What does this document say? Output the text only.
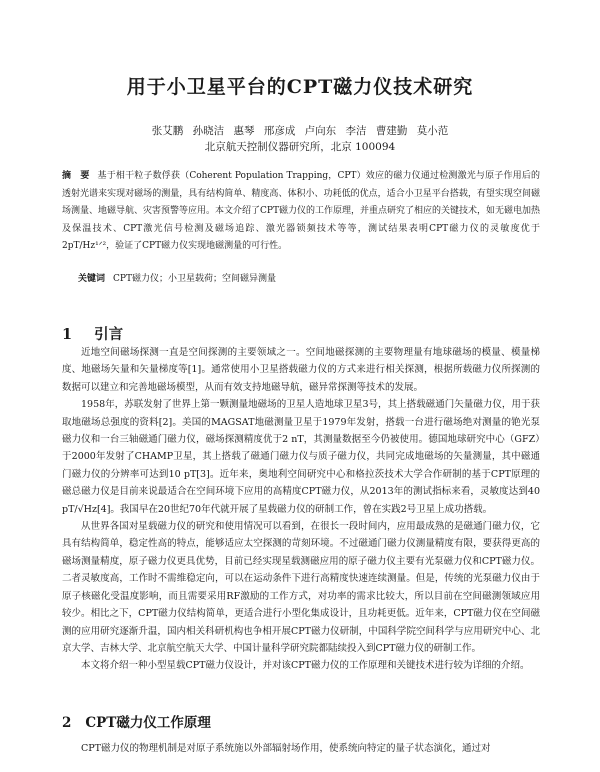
用于小卫星平台的CPT磁力仪技术研究
张艾鹏 孙晓洁 惠琴 邢彦成 卢向东 李洁 曹建勤 莫小范
北京航天控制仪器研究所，北京 100094
摘　要 基于相干粒子数俘获（Coherent Population Trapping，CPT）效应的磁力仪通过检测激光与原子作用后的透射光谱来实现对磁场的测量，具有结构简单、精度高、体积小、功耗低的优点，适合小卫星平台搭载，有望实现空间磁场测量、地磁导航、灾害预警等应用。本文介绍了CPT磁力仪的工作原理，并重点研究了相应的关键技术，如无磁电加热及保温技术、CPT激光信号检测及磁场追踪、激光器锁频技术等等，测试结果表明CPT磁力仪的灵敏度优于2pT/Hz¹ᐟ²，验证了CPT磁力仪实现地磁测量的可行性。
关键词 CPT磁力仪；小卫星载荷；空间磁异测量
1 引言

近地空间磁场探测一直是空间探测的主要领域之一。空间地磁探测的主要物理量有地球磁场的模量、模量梯度、地磁场矢量和矢量梯度等[1]。通常使用小卫星搭载磁力仪的方式来进行相关探测，根据所载磁力仪所探测的数据可以建立和完善地磁场模型，从而有效支持地磁导航，磁异常探测等技术的发展。

1958年，苏联发射了世界上第一颗测量地磁场的卫星人造地球卫星3号，其上搭载磁通门矢量磁力仪，用于获取地磁场总强度的资料[2]。美国的MAGSAT地磁测量卫星于1979年发射，搭载一台进行磁场绝对测量的铯光泵磁力仪和一台三轴磁通门磁力仪，磁场探测精度优于2 nT，其测量数据至今仍被使用。德国地球研究中心（GFZ）于2000年发射了CHAMP卫星，其上搭载了磁通门磁力仪与质子磁力仪，共同完成地磁场的矢量测量，其中磁通门磁力仪的分辨率可达到10 pT[3]。近年来，奥地利空间研究中心和格拉茨技术大学合作研制的基于CPT原理的磁总磁力仪是目前来说最适合在空间环境下应用的高精度CPT磁力仪，从2013年的测试指标来看，灵敏度达到40 pT/√Hz[4]。我国早在20世纪70年代就开展了星载磁力仪的研制工作，曾在实践2号卫星上成功搭载。

从世界各国对星载磁力仪的研究和使用情况可以看到，在很长一段时间内，应用最成熟的是磁通门磁力仪，它具有结构简单，稳定性高的特点，能够适应太空探测的苛刻环境。不过磁通门磁力仪测量精度有限，要获得更高的磁场测量精度，原子磁力仪更具优势，目前已经实现星载测磁应用的原子磁力仪主要有光泵磁力仪和CPT磁力仪。二者灵敏度高，工作时不需维稳定向，可以在运动条件下进行高精度快速连续测量。但是，传统的光泵磁力仪由于原子核磁化受温度影响，而且需要采用RF激励的工作方式，对功率的需求比较大，所以目前在空间磁测领域应用较少。相比之下，CPT磁力仪结构简单，更适合进行小型化集成设计，且功耗更低。近年来，CPT磁力仪在空间磁测的应用研究逐渐升温，国内相关科研机构也争相开展CPT磁力仪研制，中国科学院空间科学与应用研究中心、北京大学、吉林大学、北京航空航天大学、中国计量科学研究院都陆续投入到CPT磁力仪的研制工作。

本文将介绍一种小型星载CPT磁力仪设计，并对该CPT磁力仪的工作原理和关键技术进行较为详细的介绍。

2 CPT磁力仪工作原理

CPT磁力仪的物理机制是对原子系统施以外部辐射场作用，使系统向特定的量子状态演化，通过对
